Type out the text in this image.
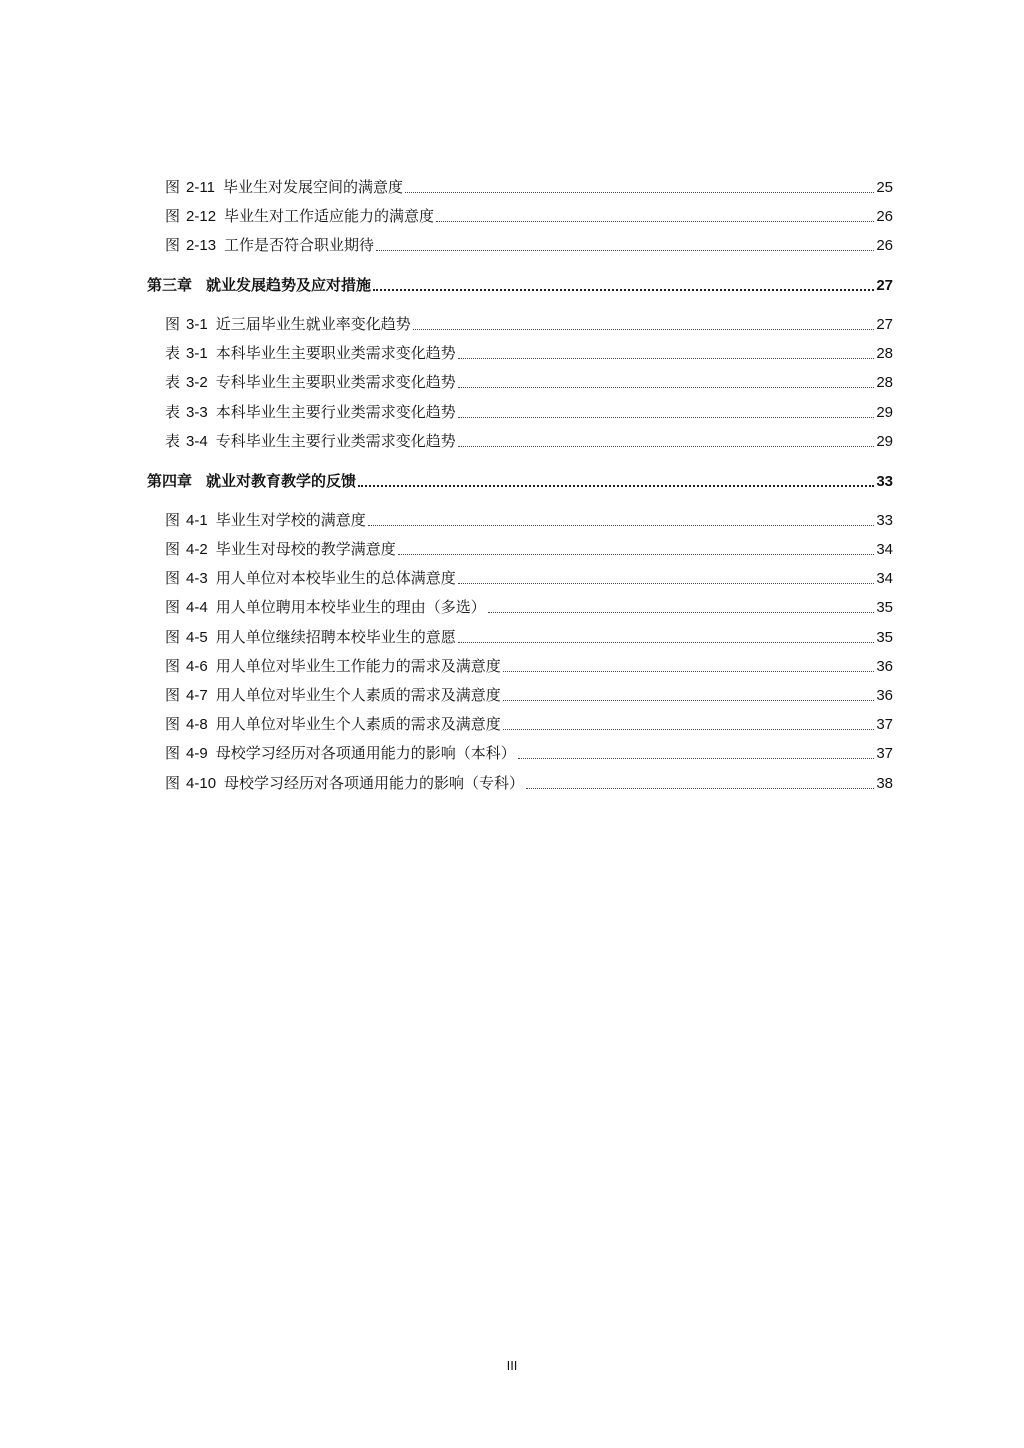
图 2-11 毕业生对发展空间的满意度	25
图 2-12 毕业生对工作适应能力的满意度	26
图 2-13 工作是否符合职业期待	26
第三章 就业发展趋势及应对措施	27
图 3-1 近三届毕业生就业率变化趋势	27
表 3-1 本科毕业生主要职业类需求变化趋势	28
表 3-2 专科毕业生主要职业类需求变化趋势	28
表 3-3 本科毕业生主要行业类需求变化趋势	29
表 3-4 专科毕业生主要行业类需求变化趋势	29
第四章 就业对教育教学的反馈	33
图 4-1 毕业生对学校的满意度	33
图 4-2 毕业生对母校的教学满意度	34
图 4-3 用人单位对本校毕业生的总体满意度	34
图 4-4 用人单位聘用本校毕业生的理由（多选）	35
图 4-5 用人单位继续招聘本校毕业生的意愿	35
图 4-6 用人单位对毕业生工作能力的需求及满意度	36
图 4-7 用人单位对毕业生个人素质的需求及满意度	36
图 4-8 用人单位对毕业生个人素质的需求及满意度	37
图 4-9 母校学习经历对各项通用能力的影响（本科）	37
图 4-10 母校学习经历对各项通用能力的影响（专科）	38
III
